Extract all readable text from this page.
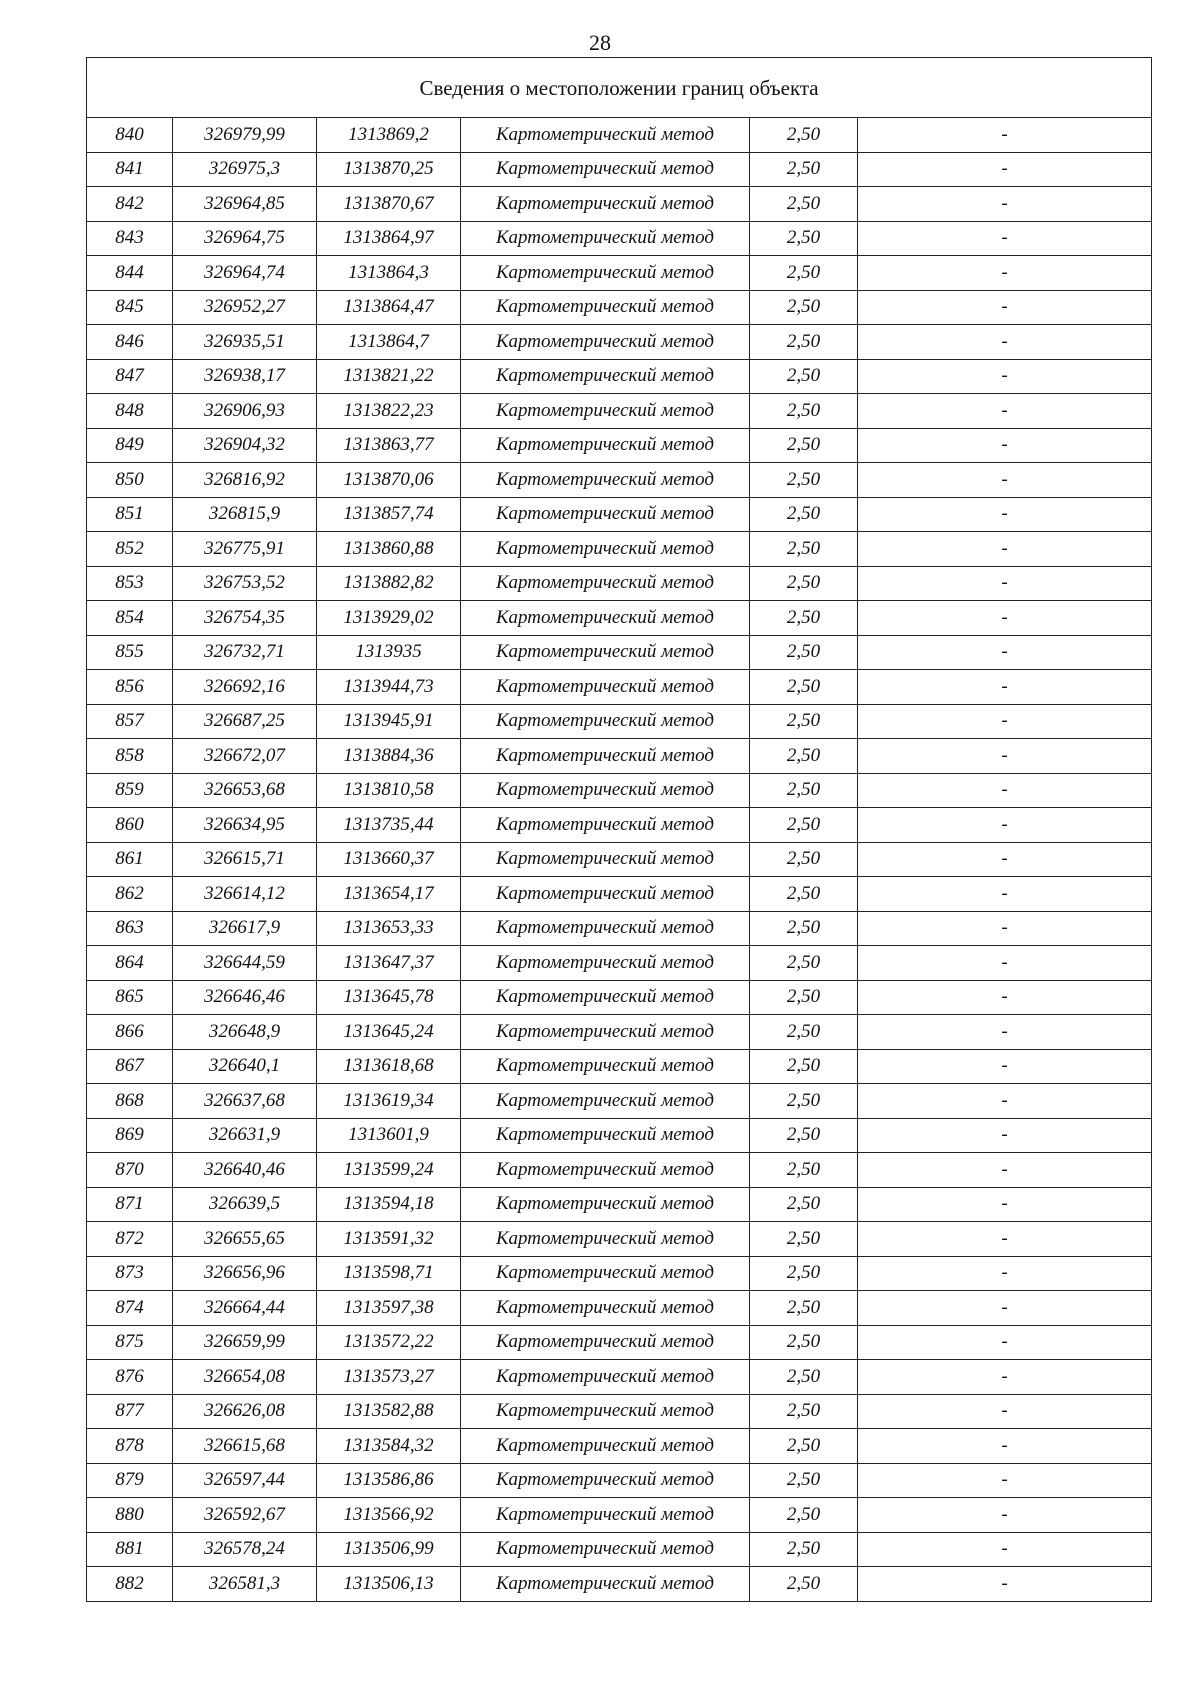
28
Сведения о местоположении границ объекта					
840	326979,99	1313869,2	Картометрический метод	2,50	-
841	326975,3	1313870,25	Картометрический метод	2,50	-
842	326964,85	1313870,67	Картометрический метод	2,50	-
843	326964,75	1313864,97	Картометрический метод	2,50	-
844	326964,74	1313864,3	Картометрический метод	2,50	-
845	326952,27	1313864,47	Картометрический метод	2,50	-
846	326935,51	1313864,7	Картометрический метод	2,50	-
847	326938,17	1313821,22	Картометрический метод	2,50	-
848	326906,93	1313822,23	Картометрический метод	2,50	-
849	326904,32	1313863,77	Картометрический метод	2,50	-
850	326816,92	1313870,06	Картометрический метод	2,50	-
851	326815,9	1313857,74	Картометрический метод	2,50	-
852	326775,91	1313860,88	Картометрический метод	2,50	-
853	326753,52	1313882,82	Картометрический метод	2,50	-
854	326754,35	1313929,02	Картометрический метод	2,50	-
855	326732,71	1313935	Картометрический метод	2,50	-
856	326692,16	1313944,73	Картометрический метод	2,50	-
857	326687,25	1313945,91	Картометрический метод	2,50	-
858	326672,07	1313884,36	Картометрический метод	2,50	-
859	326653,68	1313810,58	Картометрический метод	2,50	-
860	326634,95	1313735,44	Картометрический метод	2,50	-
861	326615,71	1313660,37	Картометрический метод	2,50	-
862	326614,12	1313654,17	Картометрический метод	2,50	-
863	326617,9	1313653,33	Картометрический метод	2,50	-
864	326644,59	1313647,37	Картометрический метод	2,50	-
865	326646,46	1313645,78	Картометрический метод	2,50	-
866	326648,9	1313645,24	Картометрический метод	2,50	-
867	326640,1	1313618,68	Картометрический метод	2,50	-
868	326637,68	1313619,34	Картометрический метод	2,50	-
869	326631,9	1313601,9	Картометрический метод	2,50	-
870	326640,46	1313599,24	Картометрический метод	2,50	-
871	326639,5	1313594,18	Картометрический метод	2,50	-
872	326655,65	1313591,32	Картометрический метод	2,50	-
873	326656,96	1313598,71	Картометрический метод	2,50	-
874	326664,44	1313597,38	Картометрический метод	2,50	-
875	326659,99	1313572,22	Картометрический метод	2,50	-
876	326654,08	1313573,27	Картометрический метод	2,50	-
877	326626,08	1313582,88	Картометрический метод	2,50	-
878	326615,68	1313584,32	Картометрический метод	2,50	-
879	326597,44	1313586,86	Картометрический метод	2,50	-
880	326592,67	1313566,92	Картометрический метод	2,50	-
881	326578,24	1313506,99	Картометрический метод	2,50	-
882	326581,3	1313506,13	Картометрический метод	2,50	-
